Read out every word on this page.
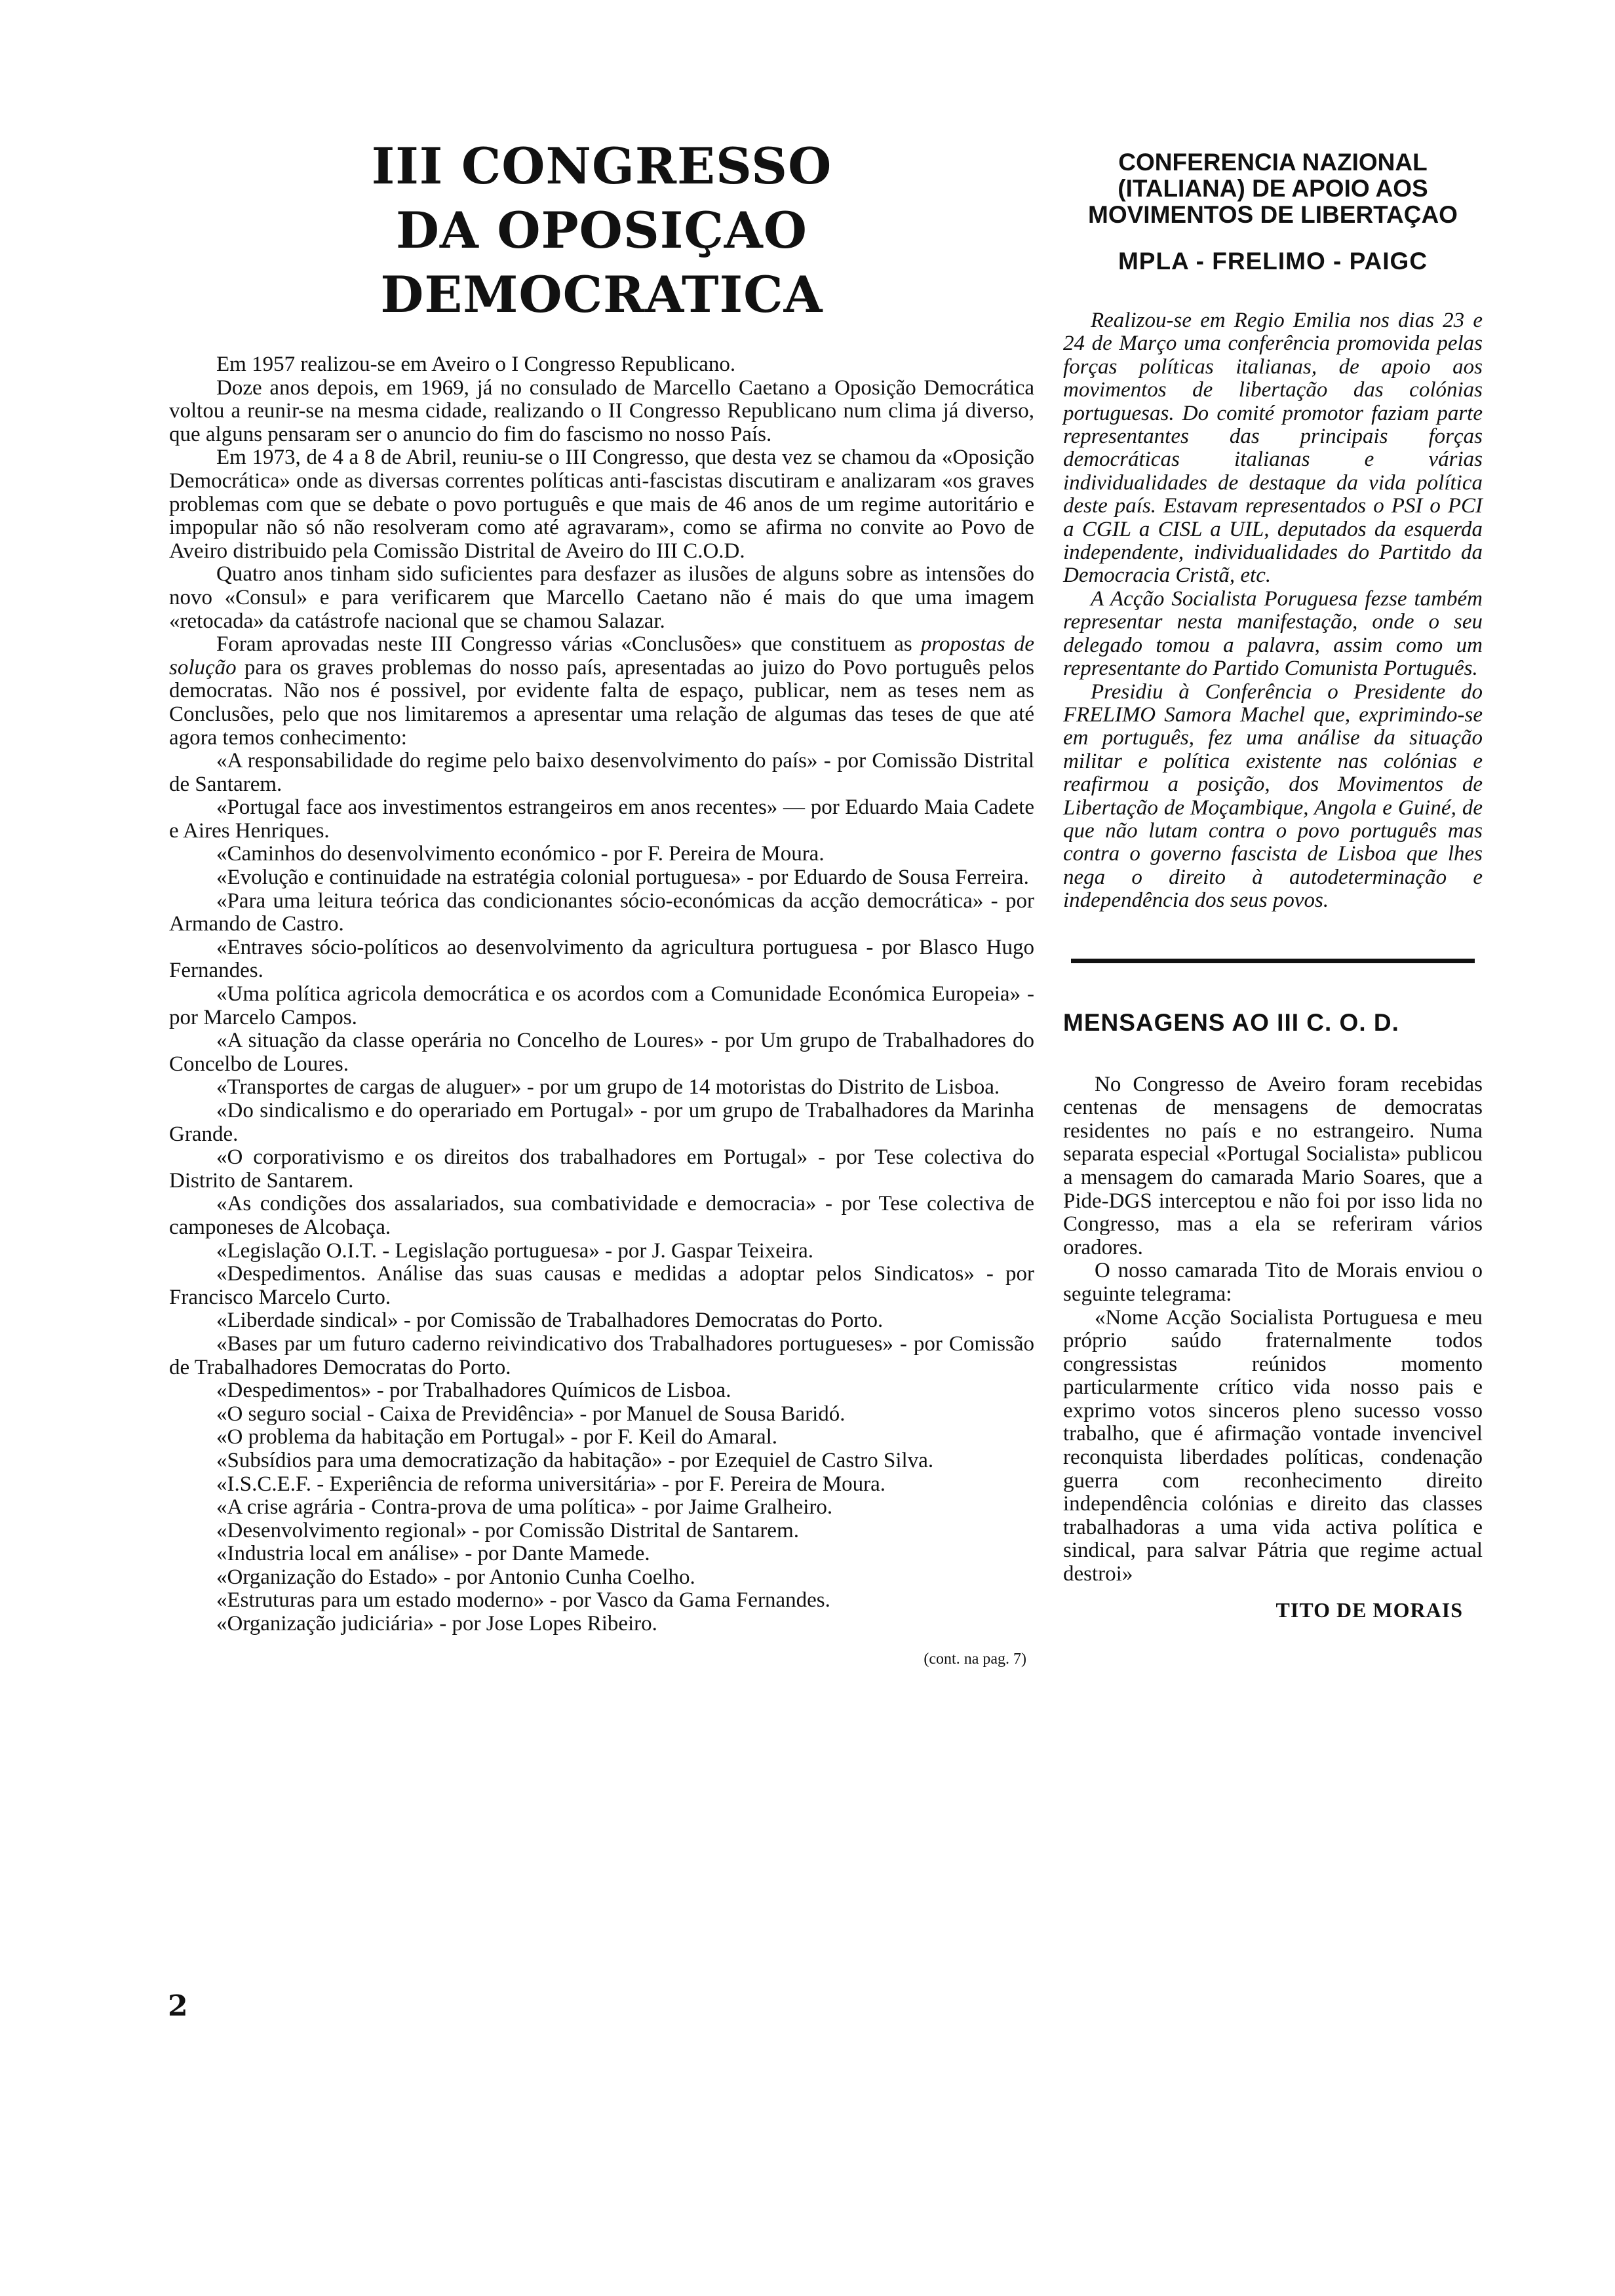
III CONGRESSO
DA OPOSIÇAO DEMOCRATICA

Em 1957 realizou-se em Aveiro o I Congresso Republicano.

Doze anos depois, em 1969, já no consulado de Marcello Caetano a Oposição Democrática voltou a reunir-se na mesma cidade, realizando o II Congresso Republicano num clima já diverso, que alguns pensaram ser o anuncio do fim do fascismo no nosso País.

Em 1973, de 4 a 8 de Abril, reuniu-se o III Congresso, que desta vez se chamou da «Oposição Democrática» onde as diversas correntes políticas anti-fascistas discutiram e analizaram «os graves problemas com que se debate o povo português e que mais de 46 anos de um regime autoritário e impopular não só não resolveram como até agravaram», como se afirma no convite ao Povo de Aveiro distribuido pela Comissão Distrital de Aveiro do III C.O.D.

Quatro anos tinham sido suficientes para desfazer as ilusões de alguns sobre as intensões do novo «Consul» e para verificarem que Marcello Caetano não é mais do que uma imagem «retocada» da catástrofe nacional que se chamou Salazar.

Foram aprovadas neste III Congresso várias «Conclusões» que constituem as propostas de solução para os graves problemas do nosso país, apresentadas ao juizo do Povo português pelos democratas. Não nos é possivel, por evidente falta de espaço, publicar, nem as teses nem as Conclusões, pelo que nos limitaremos a apresentar uma relação de algumas das teses de que até agora temos conhecimento:

«A responsabilidade do regime pelo baixo desenvolvimento do país» - por Comissão Distrital de Santarem.

«Portugal face aos investimentos estrangeiros em anos recentes» — por Eduardo Maia Cadete e Aires Henriques.

«Caminhos do desenvolvimento económico - por F. Pereira de Moura.

«Evolução e continuidade na estratégia colonial portuguesa» - por Eduardo de Sousa Ferreira.

«Para uma leitura teórica das condicionantes sócio-económicas da acção democrática» - por Armando de Castro.

«Entraves sócio-políticos ao desenvolvimento da agricultura portuguesa - por Blasco Hugo Fernandes.

«Uma política agricola democrática e os acordos com a Comunidade Económica Europeia» - por Marcelo Campos.

«A situação da classe operária no Concelho de Loures» - por Um grupo de Trabalhadores do Concelbo de Loures.

«Transportes de cargas de aluguer» - por um grupo de 14 motoristas do Distrito de Lisboa.

«Do sindicalismo e do operariado em Portugal» - por um grupo de Trabalhadores da Marinha Grande.

«O corporativismo e os direitos dos trabalhadores em Portugal» - por Tese colectiva do Distrito de Santarem.

«As condições dos assalariados, sua combatividade e democracia» - por Tese colectiva de camponeses de Alcobaça.

«Legislação O.I.T. - Legislação portuguesa» - por J. Gaspar Teixeira.

«Despedimentos. Análise das suas causas e medidas a adoptar pelos Sindicatos» - por Francisco Marcelo Curto.

«Liberdade sindical» - por Comissão de Trabalhadores Democratas do Porto.

«Bases par um futuro caderno reivindicativo dos Trabalhadores portugueses» - por Comissão de Trabalhadores Democratas do Porto.

«Despedimentos» - por Trabalhadores Químicos de Lisboa.

«O seguro social - Caixa de Previdência» - por Manuel de Sousa Baridó.

«O problema da habitação em Portugal» - por F. Keil do Amaral.

«Subsídios para uma democratização da habitação» - por Ezequiel de Castro Silva.

«I.S.C.E.F. - Experiência de reforma universitária» - por F. Pereira de Moura.

«A crise agrária - Contra-prova de uma política» - por Jaime Gralheiro.

«Desenvolvimento regional» - por Comissão Distrital de Santarem.

«Industria local em análise» - por Dante Mamede.

«Organização do Estado» - por Antonio Cunha Coelho.

«Estruturas para um estado moderno» - por Vasco da Gama Fernandes.

«Organização judiciária» - por Jose Lopes Ribeiro.

(cont. na pag. 7)
CONFERENCIA NAZIONAL (ITALIANA) DE APOIO AOS MOVIMENTOS DE LIBERTAÇAO
MPLA - FRELIMO - PAIGC

Realizou-se em Regio Emilia nos dias 23 e 24 de Março uma conferência promovida pelas forças políticas italianas, de apoio aos movimentos de libertação das colónias portuguesas. Do comité promotor faziam parte representantes das principais forças democráticas italianas e várias individualidades de destaque da vida política deste país. Estavam representados o PSI o PCI a CGIL a CISL a UIL, deputados da esquerda independente, individualidades do Partitdo da Democracia Cristã, etc.

A Acção Socialista Poruguesa fezse também representar nesta manifestação, onde o seu delegado tomou a palavra, assim como um representante do Partido Comunista Português.

Presidiu à Conferência o Presidente do FRELIMO Samora Machel que, exprimindo-se em português, fez uma análise da situação militar e política existente nas colónias e reafirmou a posição, dos Movimentos de Libertação de Moçambique, Angola e Guiné, de que não lutam contra o povo português mas contra o governo fascista de Lisboa que lhes nega o direito à autodeterminação e independência dos seus povos.

MENSAGENS AO III C. O. D.

No Congresso de Aveiro foram recebidas centenas de mensagens de democratas residentes no país e no estrangeiro. Numa separata especial «Portugal Socialista» publicou a mensagem do camarada Mario Soares, que a Pide-DGS interceptou e não foi por isso lida no Congresso, mas a ela se referiram vários oradores.

O nosso camarada Tito de Morais enviou o seguinte telegrama:

«Nome Acção Socialista Portuguesa e meu próprio saúdo fraternalmente todos congressistas reúnidos momento particularmente crítico vida nosso pais e exprimo votos sinceros pleno sucesso vosso trabalho, que é afirmação vontade invencivel reconquista liberdades políticas, condenação guerra com reconhecimento direito independência colónias e direito das classes trabalhadoras a uma vida activa política e sindical, para salvar Pátria que regime actual destroi»

TITO DE MORAIS
2
